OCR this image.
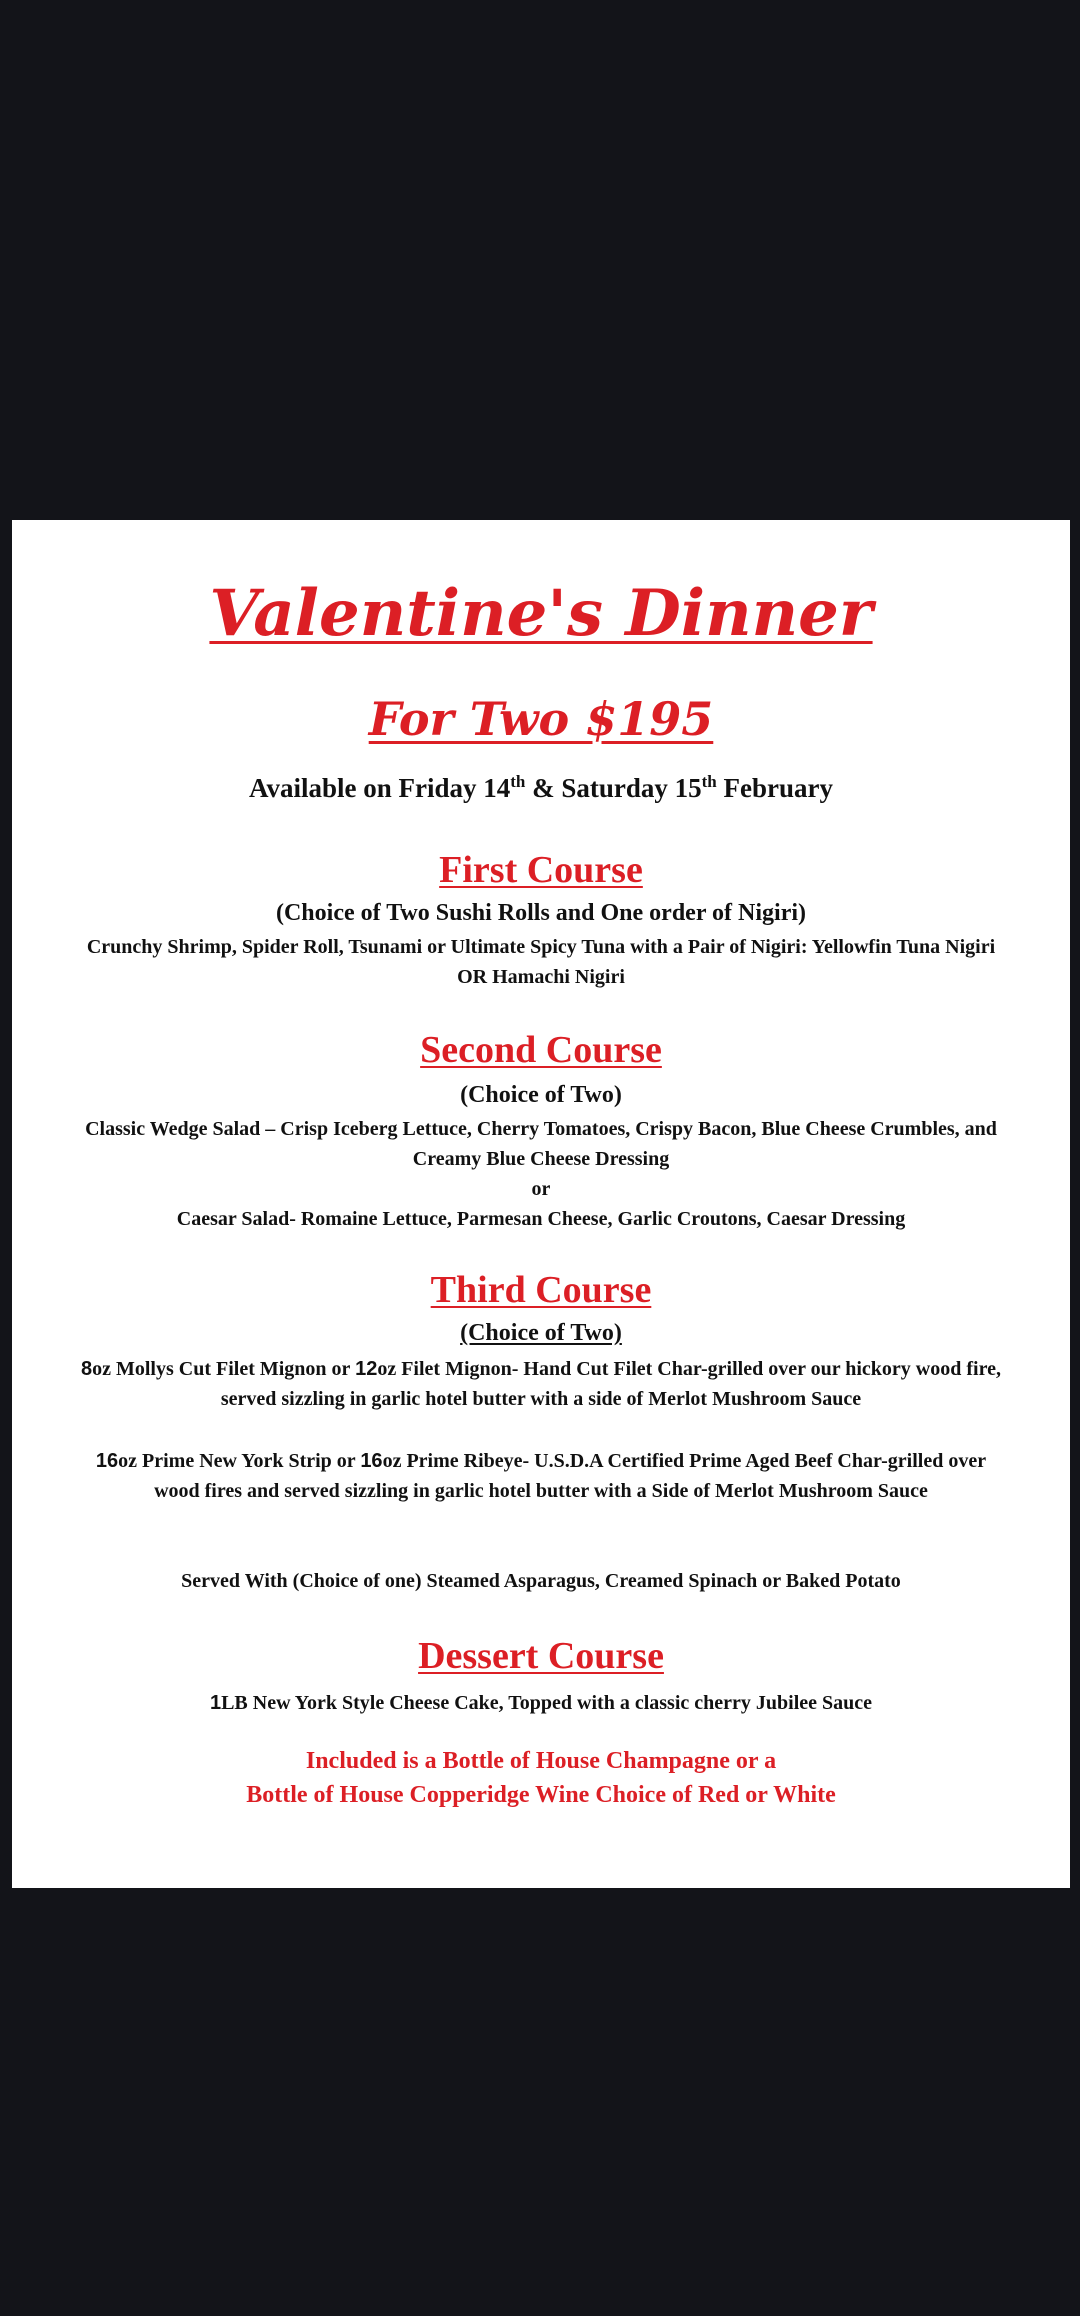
Valentine's Dinner
For Two $195
Available on Friday 14th & Saturday 15th February
First Course
(Choice of Two Sushi Rolls and One order of Nigiri)
Crunchy Shrimp, Spider Roll, Tsunami or Ultimate Spicy Tuna with a Pair of Nigiri: Yellowfin Tuna Nigiri OR Hamachi Nigiri
Second Course
(Choice of Two)
Classic Wedge Salad – Crisp Iceberg Lettuce, Cherry Tomatoes, Crispy Bacon, Blue Cheese Crumbles, and Creamy Blue Cheese Dressing
or
Caesar Salad- Romaine Lettuce, Parmesan Cheese, Garlic Croutons, Caesar Dressing
Third Course
(Choice of Two)
8oz Mollys Cut Filet Mignon or 12oz Filet Mignon- Hand Cut Filet Char-grilled over our hickory wood fire, served sizzling in garlic hotel butter with a side of Merlot Mushroom Sauce
16oz Prime New York Strip or 16oz Prime Ribeye- U.S.D.A Certified Prime Aged Beef Char-grilled over wood fires and served sizzling in garlic hotel butter with a Side of Merlot Mushroom Sauce
Served With (Choice of one) Steamed Asparagus, Creamed Spinach or Baked Potato
Dessert Course
1LB New York Style Cheese Cake, Topped with a classic cherry Jubilee Sauce
Included is a Bottle of House Champagne or a
Bottle of House Copperidge Wine Choice of Red or White
